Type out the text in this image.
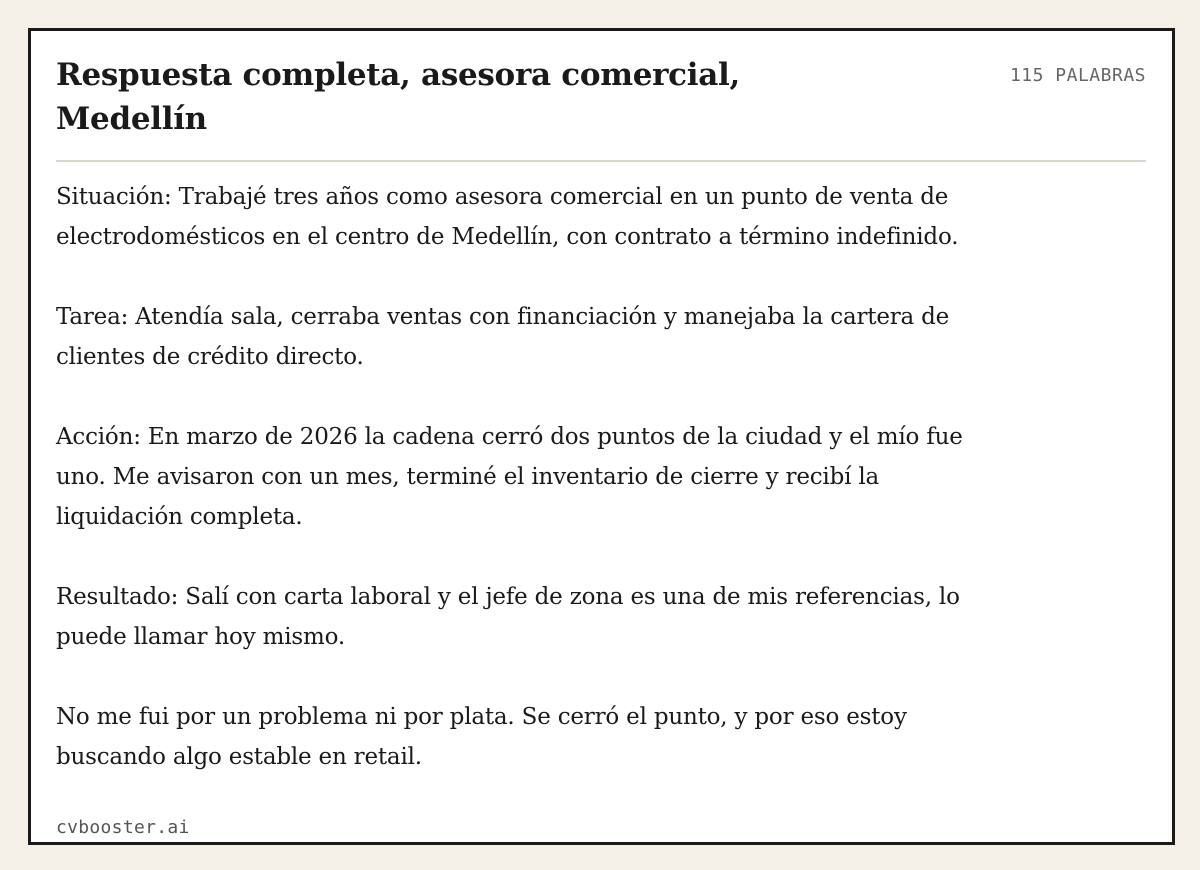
Respuesta completa, asesora comercial, Medellín
115 PALABRAS

Situación: Trabajé tres años como asesora comercial en un punto de venta de electrodomésticos en el centro de Medellín, con contrato a término indefinido.

Tarea: Atendía sala, cerraba ventas con financiación y manejaba la cartera de clientes de crédito directo.

Acción: En marzo de 2026 la cadena cerró dos puntos de la ciudad y el mío fue uno. Me avisaron con un mes, terminé el inventario de cierre y recibí la liquidación completa.

Resultado: Salí con carta laboral y el jefe de zona es una de mis referencias, lo puede llamar hoy mismo.

No me fui por un problema ni por plata. Se cerró el punto, y por eso estoy buscando algo estable en retail.

cvbooster.ai
